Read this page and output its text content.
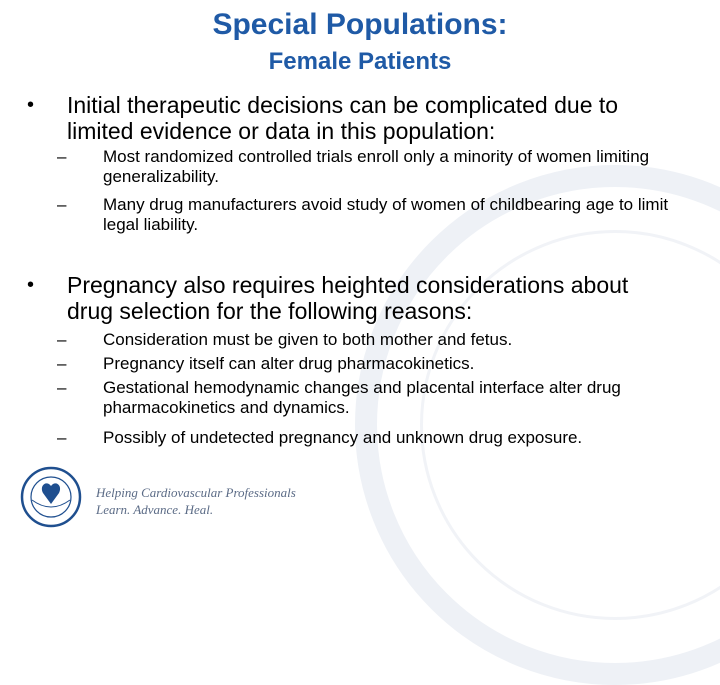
Special Populations:
Female Patients
• Initial therapeutic decisions can be complicated due to limited evidence or data in this population:
– Most randomized controlled trials enroll only a minority of women limiting generalizability.
– Many drug manufacturers avoid study of women of childbearing age to limit legal liability.
• Pregnancy also requires heighted considerations about drug selection for the following reasons:
– Consideration must be given to both mother and fetus.
– Pregnancy itself can alter drug pharmacokinetics.
– Gestational hemodynamic changes and placental interface alter drug pharmacokinetics and dynamics.
– Possibly of undetected pregnancy and unknown drug exposure.
Helping Cardiovascular Professionals
Learn. Advance. Heal.
